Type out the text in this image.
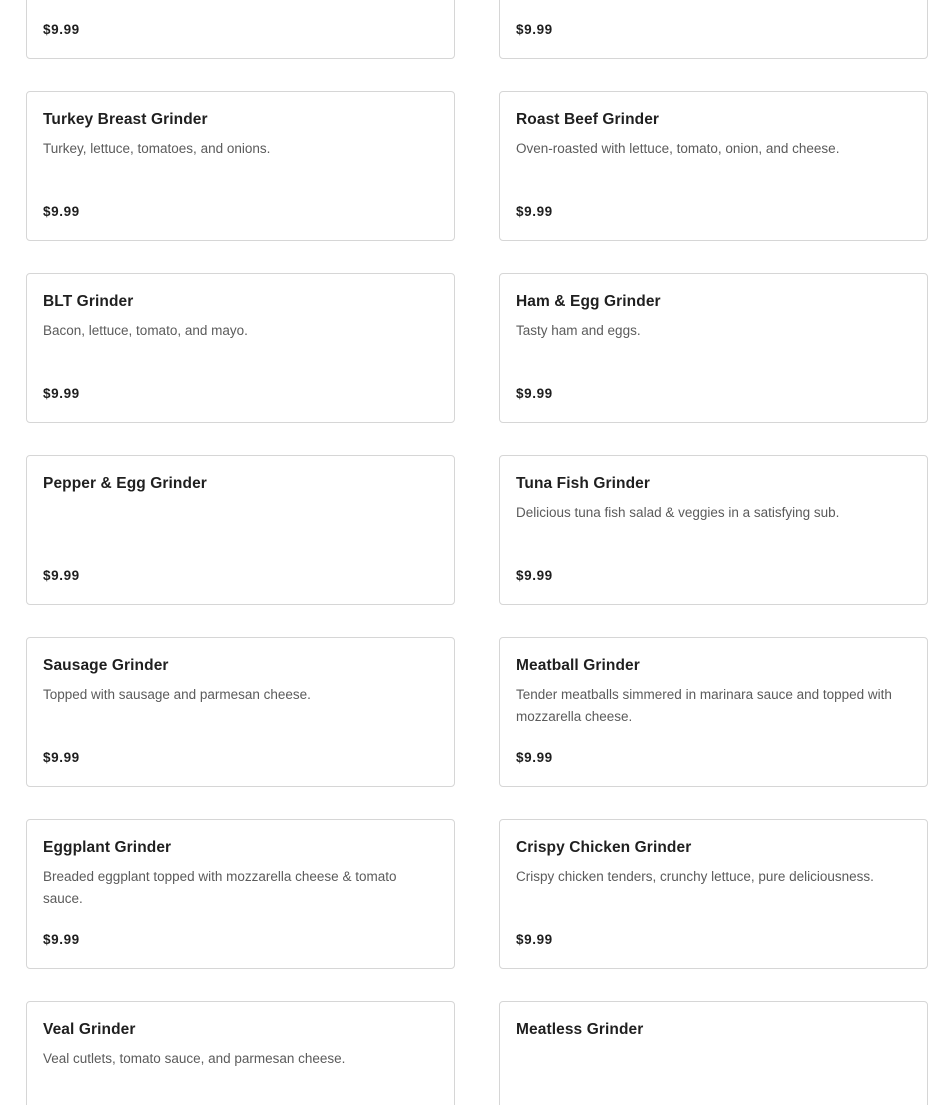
$9.99	$9.99
Turkey Breast Grinder
Turkey, lettuce, tomatoes, and onions.
$9.99
Roast Beef Grinder
Oven-roasted with lettuce, tomato, onion, and cheese.
$9.99
BLT Grinder
Bacon, lettuce, tomato, and mayo.
$9.99
Ham & Egg Grinder
Tasty ham and eggs.
$9.99
Pepper & Egg Grinder
$9.99
Tuna Fish Grinder
Delicious tuna fish salad & veggies in a satisfying sub.
$9.99
Sausage Grinder
Topped with sausage and parmesan cheese.
$9.99
Meatball Grinder
Tender meatballs simmered in marinara sauce and topped with mozzarella cheese.
$9.99
Eggplant Grinder
Breaded eggplant topped with mozzarella cheese & tomato sauce.
$9.99
Crispy Chicken Grinder
Crispy chicken tenders, crunchy lettuce, pure deliciousness.
$9.99
Veal Grinder
Veal cutlets, tomato sauce, and parmesan cheese.
Meatless Grinder
